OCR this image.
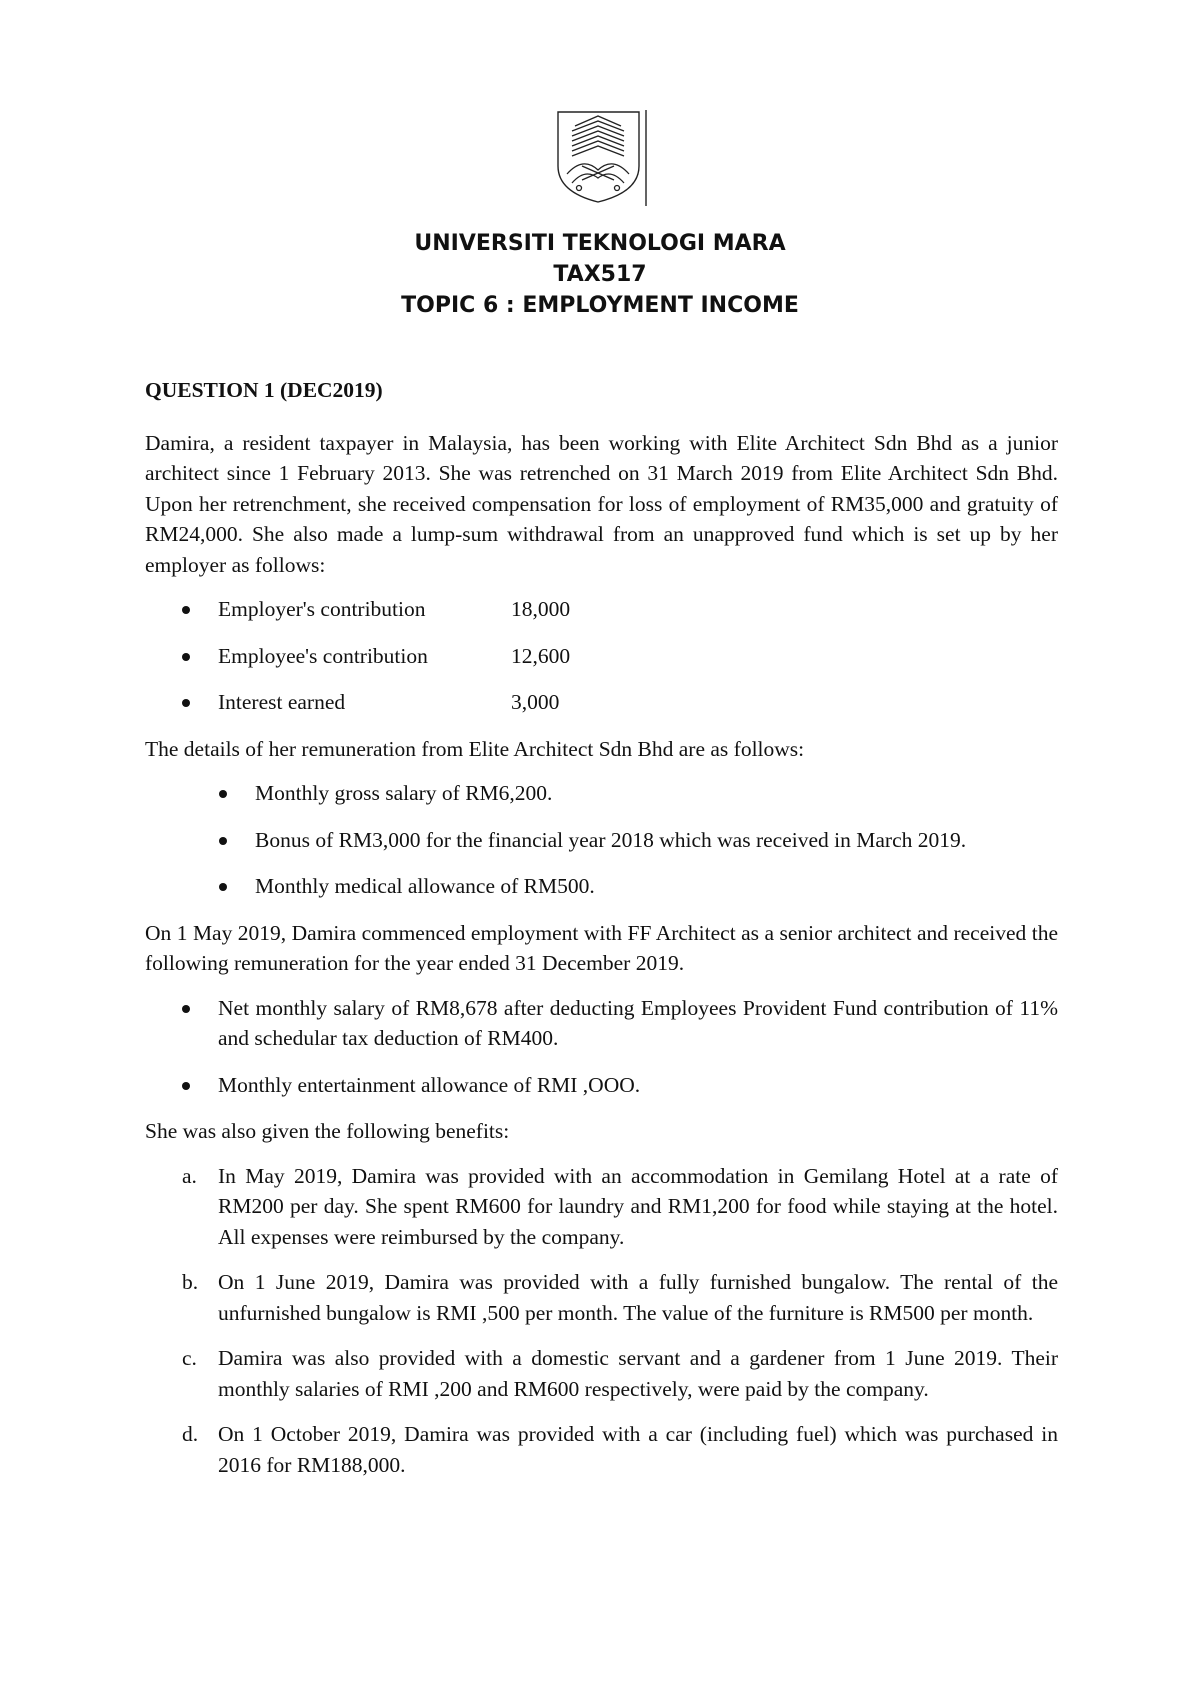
UNIVERSITI TEKNOLOGI MARA
TAX517
TOPIC 6 : EMPLOYMENT INCOME
QUESTION 1 (DEC2019)
Damira, a resident taxpayer in Malaysia, has been working with Elite Architect Sdn Bhd as a junior architect since 1 February 2013. She was retrenched on 31 March 2019 from Elite Architect Sdn Bhd. Upon her retrenchment, she received compensation for loss of employment of RM35,000 and gratuity of RM24,000. She also made a lump-sum withdrawal from an unapproved fund which is set up by her employer as follows:
Employer's contribution	18,000
Employee's contribution	12,600
Interest earned	3,000
The details of her remuneration from Elite Architect Sdn Bhd are as follows:
Monthly gross salary of RM6,200.
Bonus of RM3,000 for the financial year 2018 which was received in March 2019.
Monthly medical allowance of RM500.
On 1 May 2019, Damira commenced employment with FF Architect as a senior architect and received the following remuneration for the year ended 31 December 2019.
Net monthly salary of RM8,678 after deducting Employees Provident Fund contribution of 11% and schedular tax deduction of RM400.
Monthly entertainment allowance of RMI ,OOO.
She was also given the following benefits:
a. In May 2019, Damira was provided with an accommodation in Gemilang Hotel at a rate of RM200 per day. She spent RM600 for laundry and RM1,200 for food while staying at the hotel. All expenses were reimbursed by the company.
b. On 1 June 2019, Damira was provided with a fully furnished bungalow. The rental of the unfurnished bungalow is RMI ,500 per month. The value of the furniture is RM500 per month.
c. Damira was also provided with a domestic servant and a gardener from 1 June 2019. Their monthly salaries of RMI ,200 and RM600 respectively, were paid by the company.
d. On 1 October 2019, Damira was provided with a car (including fuel) which was purchased in 2016 for RM188,000.
